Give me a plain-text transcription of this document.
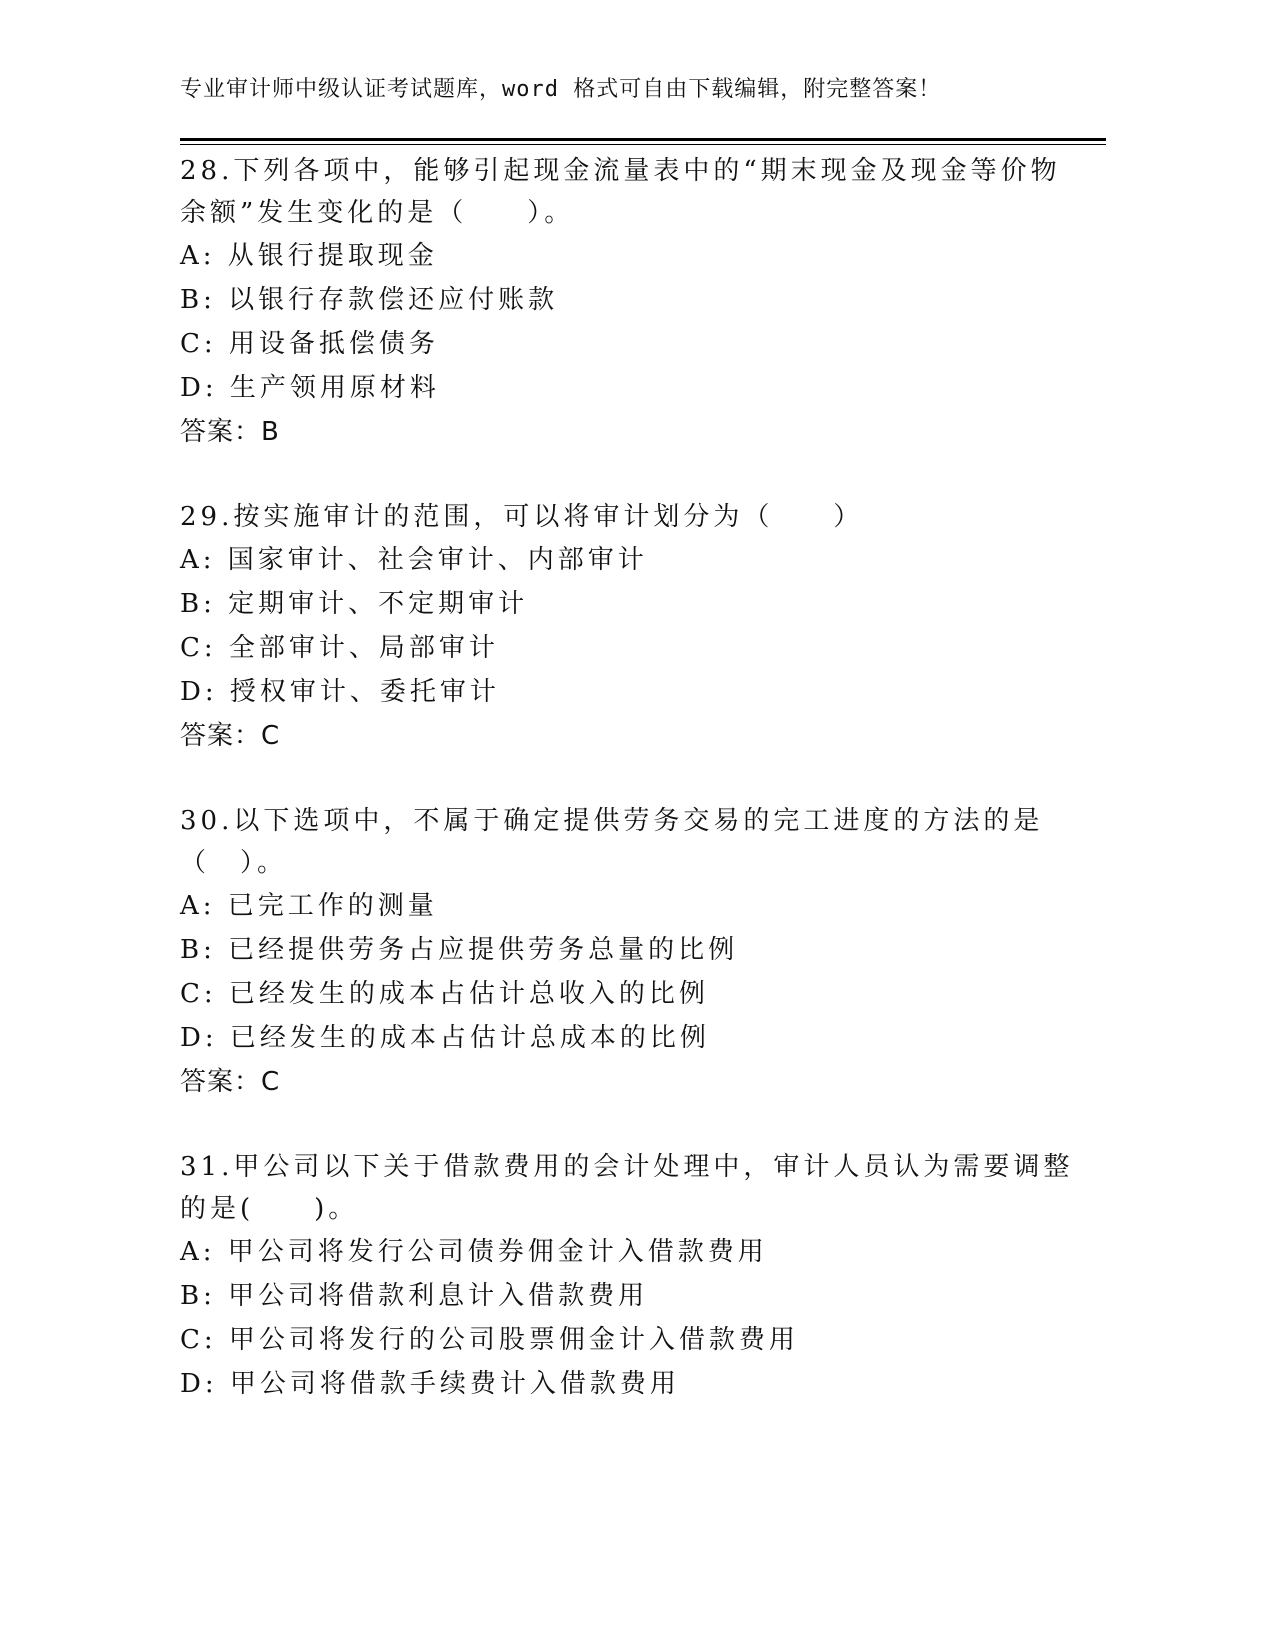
专业审计师中级认证考试题库，word 格式可自由下载编辑，附完整答案！

28.下列各项中，能够引起现金流量表中的“期末现金及现金等价物余额”发生变化的是（　　）。

A: 从银行提取现金

B: 以银行存款偿还应付账款

C: 用设备抵偿债务

D: 生产领用原材料

答案：B

29.按实施审计的范围，可以将审计划分为（　　）

A: 国家审计、社会审计、内部审计

B: 定期审计、不定期审计

C: 全部审计、局部审计

D: 授权审计、委托审计

答案：C

30.以下选项中，不属于确定提供劳务交易的完工进度的方法的是（　）。

A: 已完工作的测量

B: 已经提供劳务占应提供劳务总量的比例

C: 已经发生的成本占估计总收入的比例

D: 已经发生的成本占估计总成本的比例

答案：C

31.甲公司以下关于借款费用的会计处理中，审计人员认为需要调整的是(　　)。

A: 甲公司将发行公司债券佣金计入借款费用

B: 甲公司将借款利息计入借款费用

C: 甲公司将发行的公司股票佣金计入借款费用

D: 甲公司将借款手续费计入借款费用
